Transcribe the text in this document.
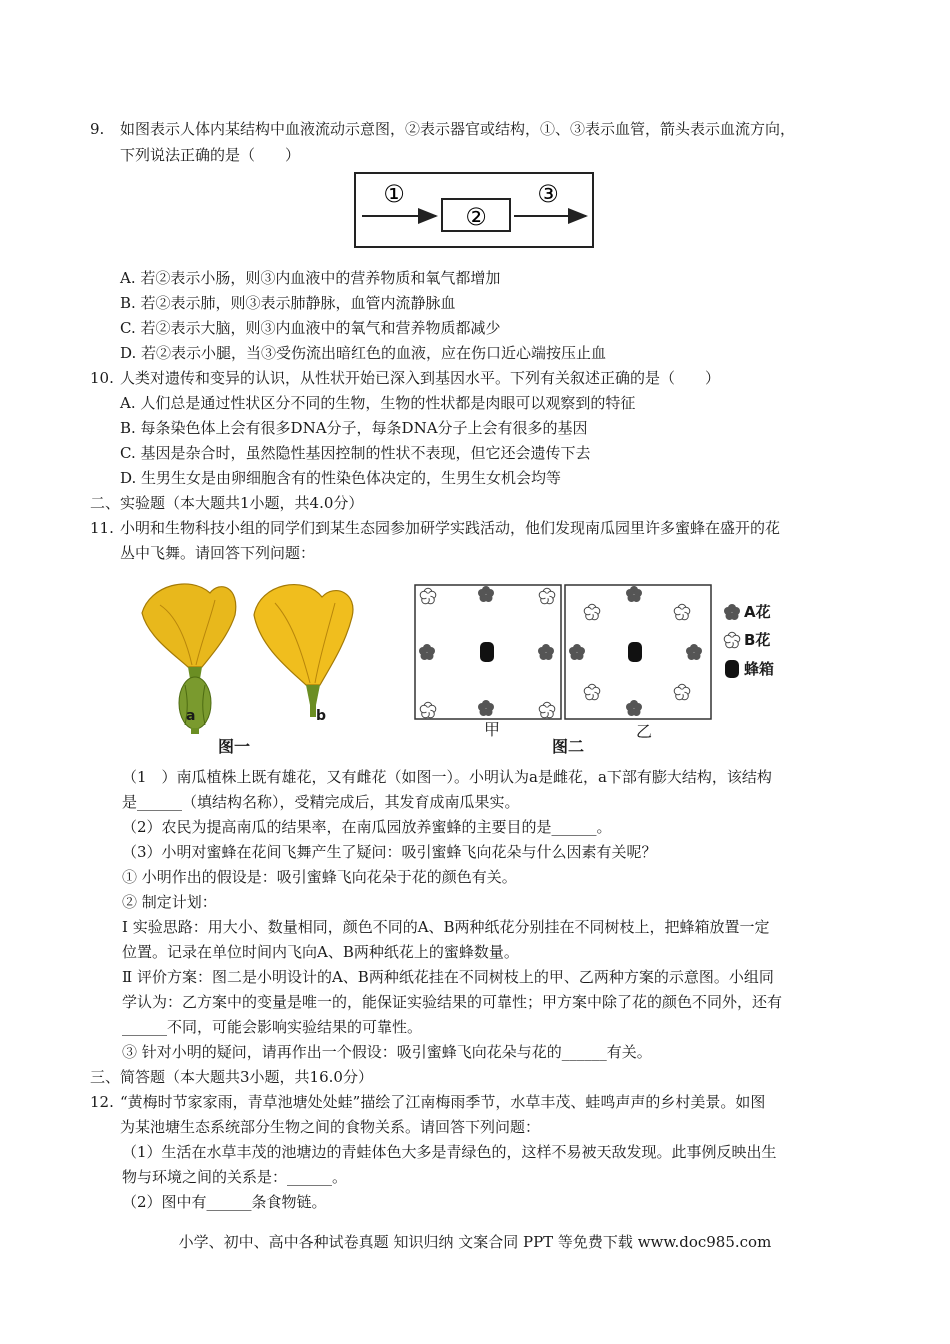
9. 如图表示人体内某结构中血液流动示意图，②表示器官或结构，①、③表示血管，箭头表示血流方向，
下列说法正确的是（　　）
①
②
③
A. 若②表示小肠，则③内血液中的营养物质和氧气都增加
B. 若②表示肺，则③表示肺静脉，血管内流静脉血
C. 若②表示大脑，则③内血液中的氧气和营养物质都减少
D. 若②表示小腿，当③受伤流出暗红色的血液，应在伤口近心端按压止血
10. 人类对遗传和变异的认识，从性状开始已深入到基因水平。下列有关叙述正确的是（　　）
A. 人们总是通过性状区分不同的生物，生物的性状都是肉眼可以观察到的特征
B. 每条染色体上会有很多DNA分子，每条DNA分子上会有很多的基因
C. 基因是杂合时，虽然隐性基因控制的性状不表现，但它还会遗传下去
D. 生男生女是由卵细胞含有的性染色体决定的，生男生女机会均等
二、实验题（本大题共1小题，共4.0分）
11. 小明和生物科技小组的同学们到某生态园参加研学实践活动，他们发现南瓜园里许多蜜蜂在盛开的花
丛中飞舞。请回答下列问题：
a	b
图一
A花
B花
蜂箱
甲	乙
图二
（1　）南瓜植株上既有雄花，又有雌花（如图一）。小明认为a是雌花，a下部有膨大结构，该结构
是______（填结构名称），受精完成后，其发育成南瓜果实。
（2）农民为提高南瓜的结果率，在南瓜园放养蜜蜂的主要目的是______。
（3）小明对蜜蜂在花间飞舞产生了疑问：吸引蜜蜂飞向花朵与什么因素有关呢？
① 小明作出的假设是：吸引蜜蜂飞向花朵于花的颜色有关。
② 制定计划：
Ⅰ 实验思路：用大小、数量相同，颜色不同的A、B两种纸花分别挂在不同树枝上，把蜂箱放置一定
位置。记录在单位时间内飞向A、B两种纸花上的蜜蜂数量。
Ⅱ 评价方案：图二是小明设计的A、B两种纸花挂在不同树枝上的甲、乙两种方案的示意图。小组同
学认为：乙方案中的变量是唯一的，能保证实验结果的可靠性；甲方案中除了花的颜色不同外，还有
______不同，可能会影响实验结果的可靠性。
③ 针对小明的疑问，请再作出一个假设：吸引蜜蜂飞向花朵与花的______有关。
三、简答题（本大题共3小题，共16.0分）
12. “黄梅时节家家雨，青草池塘处处蛙”描绘了江南梅雨季节，水草丰茂、蛙鸣声声的乡村美景。如图
为某池塘生态系统部分生物之间的食物关系。请回答下列问题：
（1）生活在水草丰茂的池塘边的青蛙体色大多是青绿色的，这样不易被天敌发现。此事例反映出生
物与环境之间的关系是：______。
（2）图中有______条食物链。
小学、初中、高中各种试卷真题 知识归纳 文案合同 PPT 等免费下载 www.doc985.com
